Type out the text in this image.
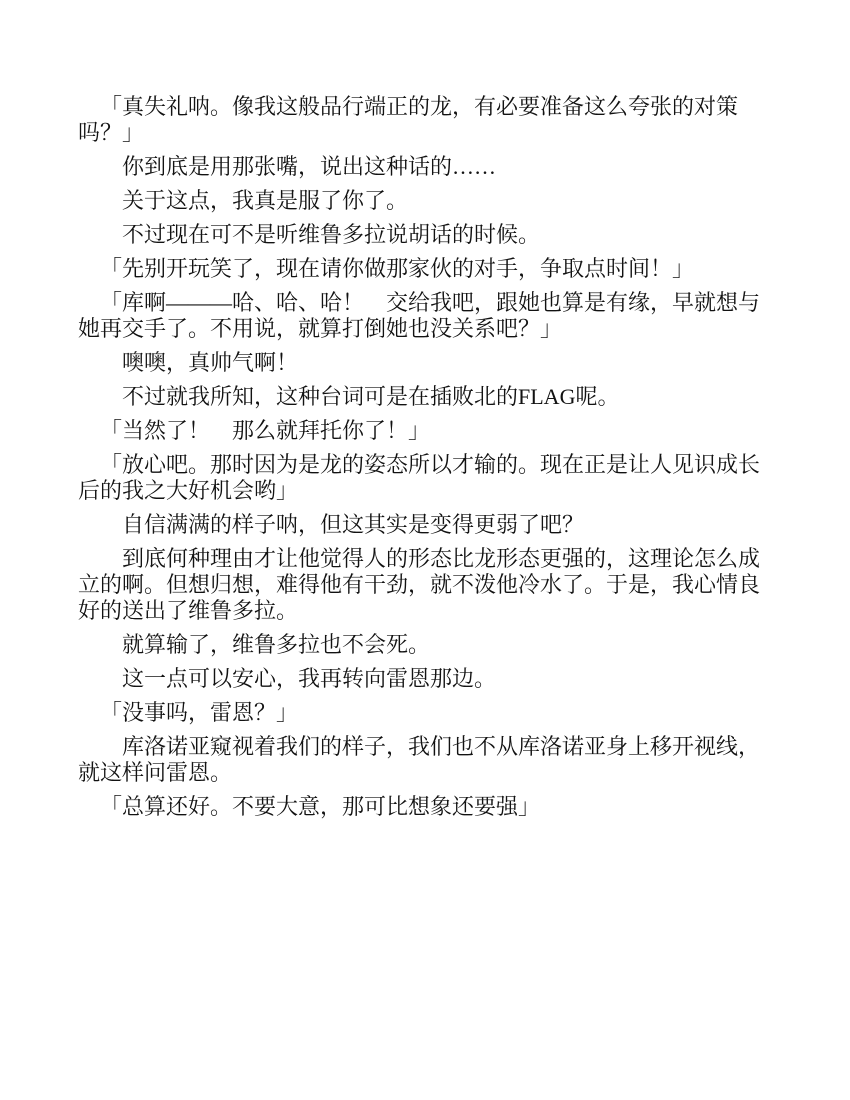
「真失礼呐。像我这般品行端正的龙，有必要准备这么夸张的对策吗？」

你到底是用那张嘴，说出这种话的……

关于这点，我真是服了你了。

不过现在可不是听维鲁多拉说胡话的时候。

「先别开玩笑了，现在请你做那家伙的对手，争取点时间！」

「库啊———哈、哈、哈！　交给我吧，跟她也算是有缘，早就想与她再交手了。不用说，就算打倒她也没关系吧？」

噢噢，真帅气啊！

不过就我所知，这种台词可是在插败北的FLAG呢。

「当然了！　那么就拜托你了！」

「放心吧。那时因为是龙的姿态所以才输的。现在正是让人见识成长后的我之大好机会哟」

自信满满的样子呐，但这其实是变得更弱了吧？

到底何种理由才让他觉得人的形态比龙形态更强的，这理论怎么成立的啊。但想归想，难得他有干劲，就不泼他冷水了。于是，我心情良好的送出了维鲁多拉。

就算输了，维鲁多拉也不会死。

这一点可以安心，我再转向雷恩那边。

「没事吗，雷恩？」

库洛诺亚窥视着我们的样子，我们也不从库洛诺亚身上移开视线，就这样问雷恩。

「总算还好。不要大意，那可比想象还要强」
